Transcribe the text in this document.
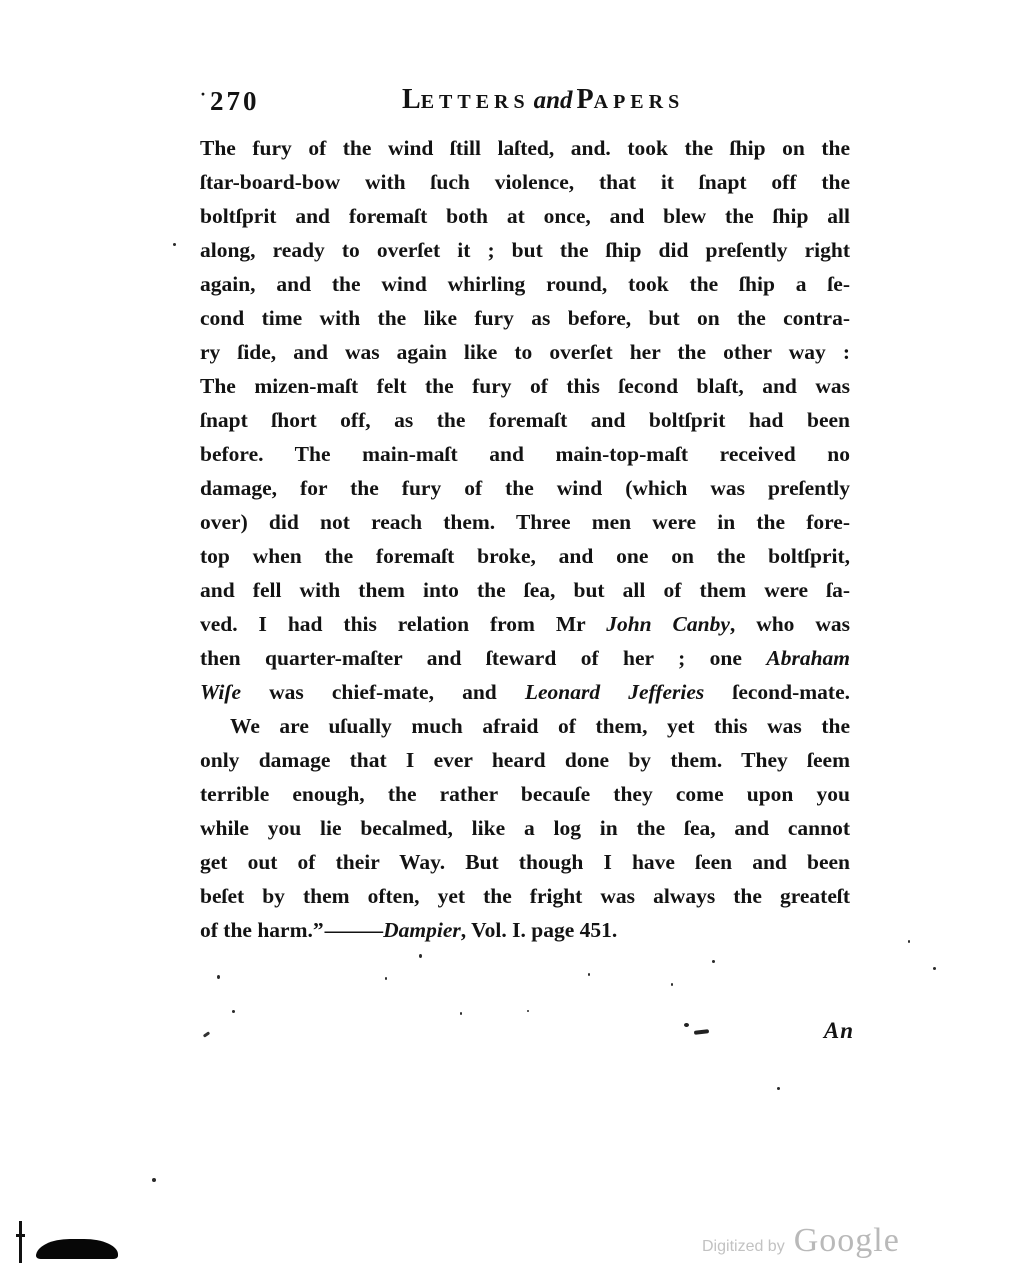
· 270	LETTERS and PAPERS
The fury of the wind ſtill laſted, and. took the ſhip on the
ſtar-board-bow with ſuch violence, that it ſnapt off the
boltſprit and foremaſt both at once, and blew the ſhip all
along, ready to overſet it ; but the ſhip did preſently right
again, and the wind whirling round, took the ſhip a ſe-
cond time with the like fury as before, but on the contra-
ry ſide, and was again like to overſet her the other way :
The mizen-maſt felt the fury of this ſecond blaſt, and was
ſnapt ſhort off, as the foremaſt and boltſprit had been
before. The main-maſt and main-top-maſt received no
damage, for the fury of the wind (which was preſently
over) did not reach them. Three men were in the fore-
top when the foremaſt broke, and one on the boltſprit,
and fell with them into the ſea, but all of them were ſa-
ved. I had this relation from Mr John Canby, who was
then quarter-maſter and ſteward of her ; one Abraham
Wiſe was chief-mate, and Leonard Jefferies ſecond-mate.
We are uſually much afraid of them, yet this was the
only damage that I ever heard done by them. They ſeem
terrible enough, the rather becauſe they come upon you
while you lie becalmed, like a log in the ſea, and cannot
get out of their Way. But though I have ſeen and been
beſet by them often, yet the fright was always the greateſt
of the harm.”——— Dampier, Vol. I. page 451.
An
Digitized by Google
